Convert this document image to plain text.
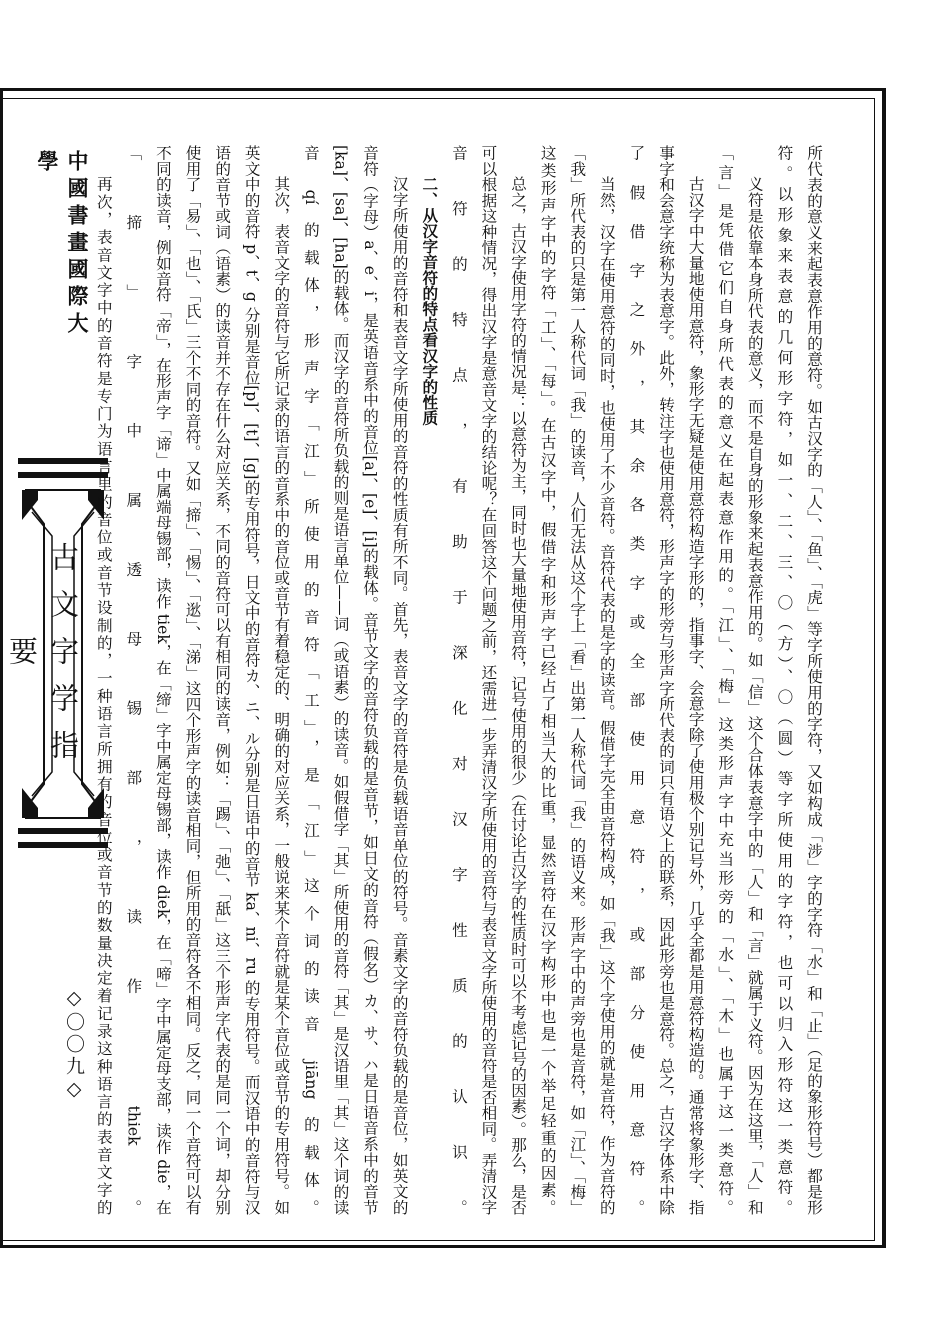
中國書畫國際大學
古文字学指要
◇〇〇九◇	所代表的意义来起表意作用的意符。如古汉字的「人」、「鱼」、「虎」等字所使用的字符，又如构成「涉」字的字符「水」和「止」（足的象形符号）都是形符。以形象来表意的几何形字符，如一、二、三、〇（方）、〇（圆）等字所使用的字符，也可以归入形符这一类意符。

义符是依靠本身所代表的意义，而不是自身的形象来起表意作用的。如「信」这个合体表意字中的「人」和「言」就属于义符。因为在这里，「人」和「言」是凭借它们自身所代表的意义在起表意作用的。「江」、「梅」这类形声字中充当形旁的「水」、「木」也属于这一类意符。

古汉字中大量地使用意符，象形字无疑是使用意符构造字形的，指事字、会意字除了使用极个别记号外，几乎全都是用意符构造的。通常将象形字、指事字和会意字统称为表意字。此外，转注字也使用意符，形声字的形旁与形声字所代表的词只有语义上的联系，因此形旁也是意符。总之，古汉字体系中除了假借字之外，其余各类字或全部使用意符，或部分使用意符。

当然，汉字在使用意符的同时，也使用了不少音符。音符代表的是字的读音。假借字完全由音符构成，如「我」这个字使用的就是音符，作为音符的「我」所代表的只是第一人称代词「我」的读音，人们无法从这个字上「看」出第一人称代词「我」的语义来。形声字中的声旁也是音符，如「江」、「梅」这类形声字中的字符「工」、「每」。在古汉字中，假借字和形声字已经占了相当大的比重，显然音符在汉字构形中也是一个举足轻重的因素。

总之，古汉字使用字符的情况是：以意符为主，同时也大量地使用音符，记号使用的很少（在讨论古汉字的性质时可以不考虑记号的因素）。那么，是否可以根据这种情况，得出汉字是意音文字的结论呢？在回答这个问题之前，还需进一步弄清汉字所使用的音符与表音文字所使用的音符是否相同。弄清汉字音符的特点，有助于深化对汉字性质的认识。

二、从汉字音符的特点看汉字的性质

汉字所使用的音符和表音文字所使用的音符的性质有所不同。首先，表音文字的音符是负载语音单位的符号。音素文字的音符负载的是音位，如英文的音符（字母）a、e、i，是英语音系中的音位[a]、[e]、[i]的载体。音节文字的音符负载的是音节，如日文的音符（假名）カ、サ、ハ是日语音系中的音节[ka]、[sa]、[ha]的载体。而汉字的音符所负载的则是语言单位——词（或语素）的读音。如假借字「其」所使用的音符「其」是汉语里「其」这个词的读音 qí 的载体，形声字「江」所使用的音符「工」，是「江」这个词的读音 jiāng 的载体。

其次，表音文字的音符与它所记录的语言的音系中的音位或音节有着稳定的、明确的对应关系，一般说来某个音符就是某个音位或音节的专用符号。如英文中的音符 p、t、g 分别是音位[p]、[t]、[g]的专用符号，日文中的音符カ、ニ、ル分别是日语中的音节 ka、ni、ru 的专用符号。而汉语中的音符与汉语的音节或词（语素）的读音并不存在什么对应关系，不同的音符可以有相同的读音，例如：「踢」、「弛」、「舐」这三个形声字代表的是同一个词，却分别使用了「易」、「也」、「氏」三个不同的音符。又如「揥」、「惕」、「逖」、「涕」这四个形声字的读音相同，但所用的音符各不相同。反之，同一个音符可以有不同的读音，例如音符「帝」，在形声字「谛」中属端母锡部，读作 tiek，在「缔」字中属定母锡部，读作 diek，在「啼」字中属定母支部，读作 die，在「揥」字中属透母锡部，读作 thiek。

再次，表音文字中的音符是专门为语言里的音位或音节设制的，一种语言所拥有的音位或音节的数量决定着记录这种语言的表音文字的
